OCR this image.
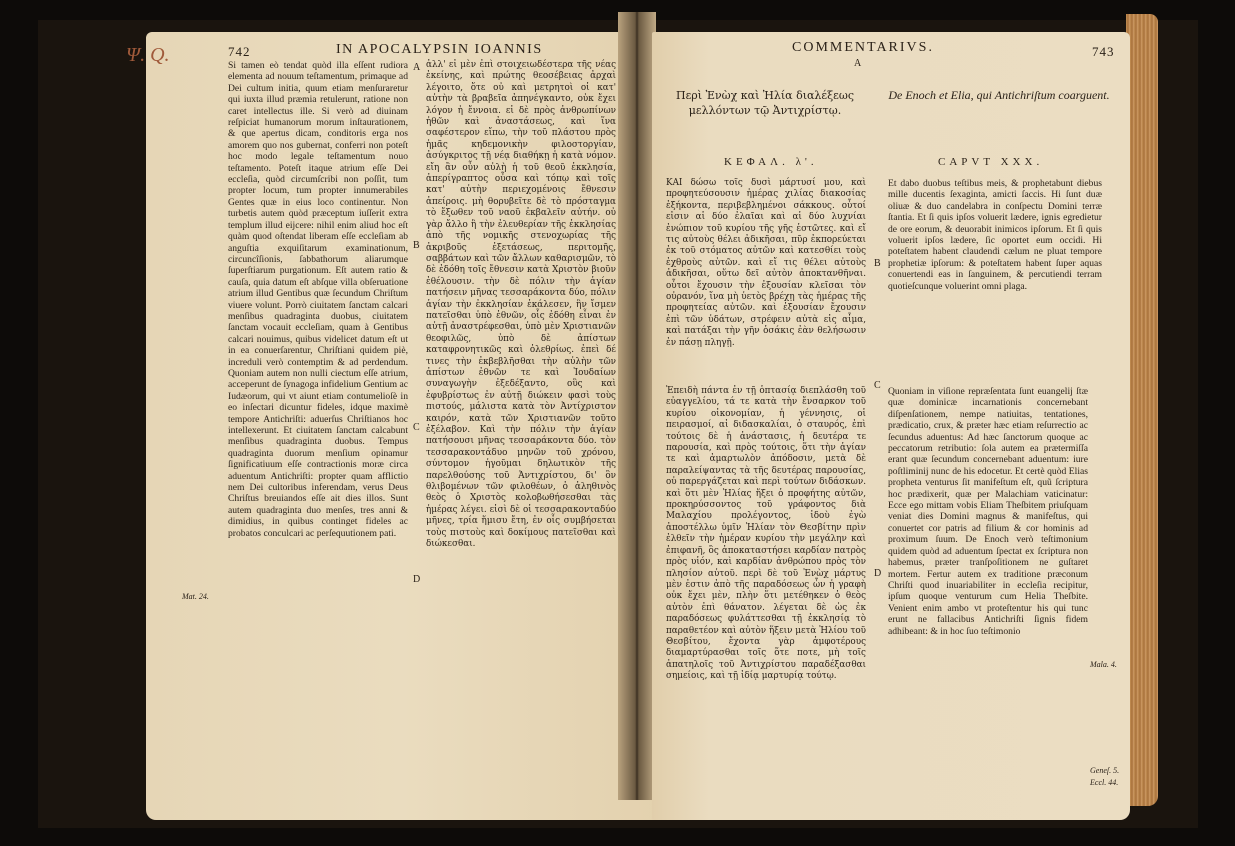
Ψ. Q.	742	IN APOCALYPSIN IOANNIS
Si tamen eò tendat quòd illa eſſent rudiora elementa ad nouum teſtamentum, primaque ad Dei cultum initia, quum etiam menſuraretur qui iuxta illud præmia retulerunt, ratione non caret intellectus ille. Si verò ad diuinam reſpiciat humanorum morum inſtaurationem, & que apertus dicam, conditoris erga nos amorem quo nos gubernat, conferri non poteſt hoc modo legale teſtamentum nouo teſtamento. Poteſt itaque atrium eſſe Dei eccleſia, quòd circumſcribi non poſſit, tum propter locum, tum propter innumerabiles Gentes quæ in eius loco continentur. Non turbetis autem quòd præceptum iuſſerit extra templum illud eijcere: nihil enim aliud hoc eſt quàm quod oſtendat liberam eſſe eccleſiam ab anguſtia exquiſitarum examinationum, circuncîſionis, ſabbathorum aliarumque ſuperſtiarum purgationum. Eſt autem ratio & cauſa, quia datum eſt abſque villa obſeruatione atrium illud Gentibus quæ ſecundum Chriſtum viuere volunt. Porrò ciuitatem ſanctam calcari menſibus quadraginta duobus, ciuitatem ſanctam vocauit eccleſiam, quam à Gentibus calcari nouimus, quibus videlicet datum eſt ut in ea conuerſarentur, Chriſtiani quidem piè, increduli verò contemptim & ad perdendum. Quoniam autem non nulli ciectum eſſe atrium, acceperunt de ſynagoga infidelium Gentium ac Iudæorum, qui vt aiunt etiam contumelioſè in eo inſectari dicuntur fideles, idque maximè tempore Antichriſti: aduerſus Chriſtianos hoc intellexerunt. Et ciuitatem ſanctam calcabunt menſibus quadraginta duobus. Tempus quadraginta duorum menſium opinamur ſignificatiuum eſſe contractionis moræ circa aduentum Antichriſti: propter quam afflictio nem Dei cultoribus inferendam, verus Deus Chriſtus breuiandos eſſe ait dies illos. Sunt autem quadraginta duo menſes, tres anni & dimidius, in quibus continget fideles ac probatos conculcari ac perſequutionem pati.
A
B
C
D
Mat. 24.
ἀλλ' εἰ μὲν ἐπὶ στοιχειωδέστερα τῆς νέας ἐκείνης, καὶ πρώτης θεοσέβειας ἀρχαὶ λέγοιτο, ὅτε οὐ καὶ μετρητοὶ οἱ κατ' αὐτὴν τὰ βραβεῖα ἀπηνέγκαντο, οὐκ ἔχει λόγον ἡ ἔννοια. εἰ δὲ πρὸς ἀνθρωπίνων ἠθῶν καὶ ἀναστάσεως, καὶ ἵνα σαφέστερον εἴπω, τὴν τοῦ πλάστου πρὸς ἡμᾶς κηδεμονικὴν φιλοστοργίαν, ἀσύγκριτος τῇ νέᾳ διαθήκῃ ἡ κατὰ νόμον. εἴη ἂν οὖν αὐλὴ ἡ τοῦ θεοῦ ἐκκλησία, ἀπερίγραπτος οὖσα καὶ τόπῳ καὶ τοῖς κατ' αὐτὴν περιεχομένοις ἔθνεσιν ἀπείροις. μὴ θορυβεῖτε δὲ τὸ πρόσταγμα τὸ ἔξωθεν τοῦ ναοῦ ἐκβαλεῖν αὐτήν. οὐ γὰρ ἄλλο ἢ τὴν ἐλευθερίαν τῆς ἐκκλησίας ἀπὸ τῆς νομικῆς στενοχωρίας τῆς ἀκριβοῦς ἐξετάσεως, περιτομῆς, σαββάτων καὶ τῶν ἄλλων καθαρισμῶν, τὸ δὲ ἐδόθη τοῖς ἔθνεσιν κατὰ Χριστὸν βιοῦν ἐθέλουσιν. τὴν δὲ πόλιν τὴν ἁγίαν πατήσειν μῆνας τεσσαράκοντα δύο, πόλιν ἁγίαν τὴν ἐκκλησίαν ἐκάλεσεν, ἣν ἴσμεν πατεῖσθαι ὑπὸ ἐθνῶν, οἷς ἐδόθη εἶναι ἐν αὐτῇ ἀναστρέφεσθαι, ὑπὸ μὲν Χριστιανῶν θεοφιλῶς, ὑπὸ δὲ ἀπίστων καταφρονητικῶς καὶ ὀλεθρίως. ἐπεὶ δέ τινες τὴν ἐκβεβλῆσθαι τὴν αὐλὴν τῶν ἀπίστων ἐθνῶν τε καὶ Ἰουδαίων συναγωγὴν ἐξεδέξαντο, οὓς καὶ ἐφυβρίστως ἐν αὐτῇ διώκειν φασὶ τοὺς πιστούς, μάλιστα κατὰ τὸν Ἀντίχριστον καιρόν, κατὰ τῶν Χριστιανῶν τοῦτο ἐξέλαβον. Καὶ τὴν πόλιν τὴν ἁγίαν πατήσουσι μῆνας τεσσαράκοντα δύο. τὸν τεσσαρακοντάδυο μηνῶν τοῦ χρόνου, σύντομον ἡγοῦμαι δηλωτικὸν τῆς παρελθούσης τοῦ Ἀντιχρίστου, δι' ὃν θλιβομένων τῶν φιλοθέων, ὁ ἀληθινὸς θεὸς ὁ Χριστὸς κολοβωθήσεσθαι τὰς ἡμέρας λέγει. εἰσὶ δὲ οἱ τεσσαρακονταδύο μῆνες, τρία ἥμισυ ἔτη, ἐν οἷς συμβήσεται τοὺς πιστοὺς καὶ δοκίμους πατεῖσθαι καὶ διώκεσθαι.
COMMENTARIVS.	743
A
Περὶ Ἐνὼχ καὶ Ἠλία διαλέξεως μελλόντων τῷ Ἀντιχρίστῳ.
De Enoch et Elia, qui Antichriſtum coarguent.
ΚΕΦΑΛ. λ'.	CAPVT XXX.
ΚΑΙ δώσω τοῖς δυσὶ μάρτυσί μου, καὶ προφητεύσουσιν ἡμέρας χιλίας διακοσίας ἑξήκοντα, περιβεβλημένοι σάκκους. οὗτοί εἰσιν αἱ δύο ἐλαῖαι καὶ αἱ δύο λυχνίαι ἐνώπιον τοῦ κυρίου τῆς γῆς ἑστῶτες. καὶ εἴ τις αὐτοὺς θέλει ἀδικῆσαι, πῦρ ἐκπορεύεται ἐκ τοῦ στόματος αὐτῶν καὶ κατεσθίει τοὺς ἐχθροὺς αὐτῶν. καὶ εἴ τις θέλει αὐτοὺς ἀδικῆσαι, οὕτω δεῖ αὐτὸν ἀποκτανθῆναι. οὗτοι ἔχουσιν τὴν ἐξουσίαν κλεῖσαι τὸν οὐρανόν, ἵνα μὴ ὑετὸς βρέχῃ τὰς ἡμέρας τῆς προφητείας αὐτῶν. καὶ ἐξουσίαν ἔχουσιν ἐπὶ τῶν ὑδάτων, στρέφειν αὐτὰ εἰς αἷμα, καὶ πατάξαι τὴν γῆν ὁσάκις ἐὰν θελήσωσιν ἐν πάσῃ πληγῇ.
Et dabo duobus teſtibus meis, & prophetabunt diebus mille ducentis ſexaginta, amicti ſaccis. Hi ſunt duæ oliuæ & duo candelabra in conſpectu Domini terræ ſtantia. Et ſi quis ipſos voluerit lædere, ignis egredietur de ore eorum, & deuorabit inimicos ipſorum. Et ſi quis voluerit ipſos lædere, ſic oportet eum occidi. Hi poteſtatem habent claudendi cælum ne pluat tempore prophetiæ ipſorum: & poteſtatem habent ſuper aquas conuertendi eas in ſanguinem, & percutiendi terram quotieſcunque voluerint omni plaga.
B
C
D
Ἐπειδὴ πάντα ἐν τῇ ὁπτασίᾳ διεπλάσθη τοῦ εὐαγγελίου, τά τε κατὰ τὴν ἔνσαρκον τοῦ κυρίου οἰκονομίαν, ἡ γέννησις, οἱ πειρασμοί, αἱ διδασκαλίαι, ὁ σταυρός, ἐπὶ τούτοις δὲ ἡ ἀνάστασις, ἡ δευτέρα τε παρουσία, καὶ πρὸς τούτοις, ὅτι τὴν ἁγίαν τε καὶ ἁμαρτωλὸν ἀπόδοσιν, μετὰ δὲ παραλείψαντας τὰ τῆς δευτέρας παρουσίας, οὐ παρεργάζεται καὶ περὶ τούτων διδάσκων. καὶ ὅτι μὲν Ἠλίας ἥξει ὁ προφήτης αὐτῶν, προκηρύσσοντος τοῦ γράφοντος διὰ Μαλαχίου προλέγοντος, ἰδοὺ ἐγὼ ἀποστέλλω ὑμῖν Ἠλίαν τὸν Θεσβίτην πρὶν ἐλθεῖν τὴν ἡμέραν κυρίου τὴν μεγάλην καὶ ἐπιφανῆ, ὃς ἀποκαταστήσει καρδίαν πατρὸς πρὸς υἱόν, καὶ καρδίαν ἀνθρώπου πρὸς τὸν πλησίον αὐτοῦ. περὶ δὲ τοῦ Ἐνὼχ μάρτυς μὲν ἐστιν ἀπὸ τῆς παραδόσεως ὧν ἡ γραφὴ οὐκ ἔχει μὲν, πλὴν ὅτι μετέθηκεν ὁ θεὸς αὐτὸν ἐπὶ θάνατον. λέγεται δὲ ὡς ἐκ παραδόσεως φυλάττεσθαι τῇ ἐκκλησίᾳ τὸ παραθετέον καὶ αὐτὸν ἥξειν μετὰ Ἠλίου τοῦ Θεσβίτου, ἔχοντα γὰρ ἀμφοτέρους διαμαρτύρασθαι τοῖς ὅτε ποτε, μὴ τοῖς ἀπατηλοῖς τοῦ Ἀντιχρίστου παραδέξασθαι σημείοις, καὶ τῇ ἰδίᾳ μαρτυρίᾳ τούτῳ.
Quoniam in viſione repræſentata ſunt euangelij ſtæ quæ dominicæ incarnationis concernebant diſpenſationem, nempe natiuitas, tentationes, prædicatio, crux, & præter hæc etiam reſurrectio ac ſecundus aduentus: Ad hæc ſanctorum quoque ac peccatorum retributio: ſola autem ea prætermiſſa erant quæ ſecundum concernebant aduentum: iure poſtliminij nunc de his edocetur. Et certè quòd Elias propheta venturus ſit manifeſtum eſt, quũ ſcriptura hoc prædixerit, quæ per Malachiam vaticinatur: Ecce ego mittam vobis Eliam Theſbitem priuſquam veniat dies Domini magnus & manifeſtus, qui conuertet cor patris ad filium & cor hominis ad proximum ſuum. De Enoch verò teſtimonium quidem quòd ad aduentum ſpectat ex ſcriptura non habemus, præter tranſpoſitionem ne guſtaret mortem. Fertur autem ex traditione præconum Chriſti quod inuariabiliter in eccleſia recipitur, ipſum quoque venturum cum Helia Theſbite. Venient enim ambo vt proteſtentur his qui tunc erunt ne fallacibus Antichriſti ſignis fidem adhibeant: & in hoc ſuo teſtimonio
Mala. 4.
Geneſ. 5.
Eccl. 44.
